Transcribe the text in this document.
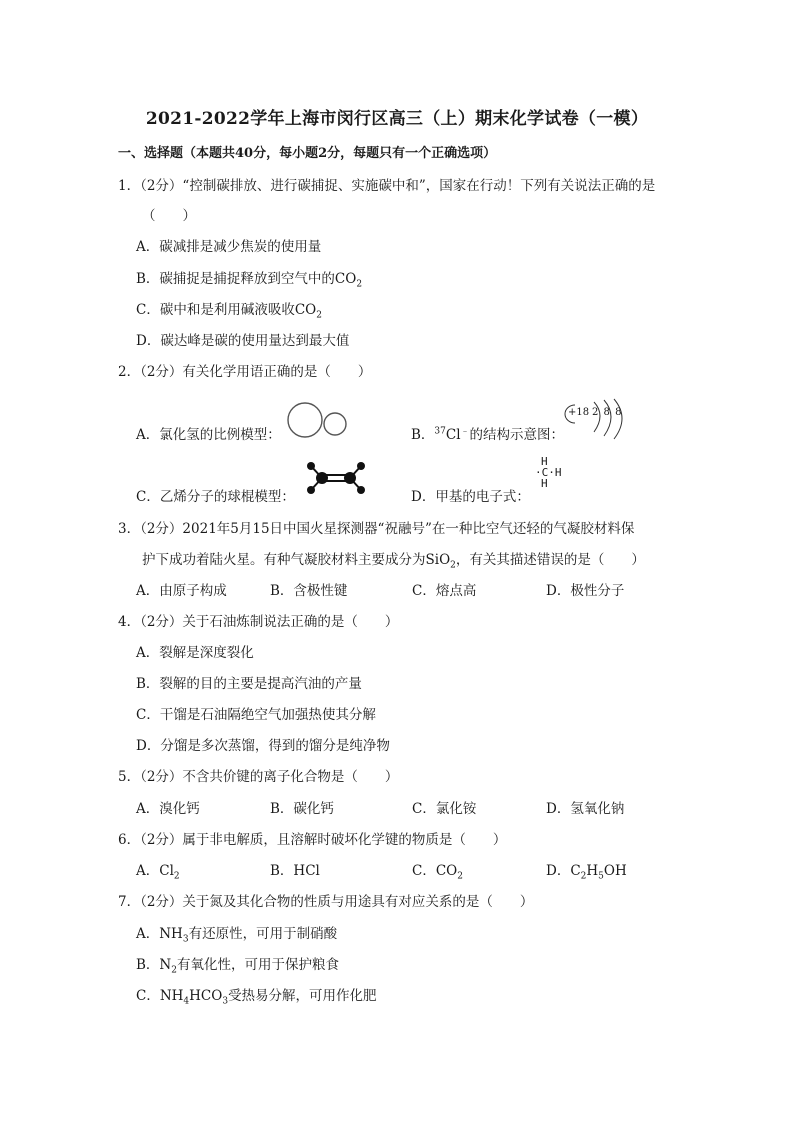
2021-2022学年上海市闵行区高三（上）期末化学试卷（一模）
一、选择题（本题共40分，每小题2分，每题只有一个正确选项）
1．（2分）“控制碳排放、进行碳捕捉、实施碳中和”，国家在行动！下列有关说法正确的是
（　　）
A．碳减排是减少焦炭的使用量
B．碳捕捉是捕捉释放到空气中的$CO_2$
C．碳中和是利用碱液吸收$CO_2$
D．碳达峰是碳的使用量达到最大值
2．（2分）有关化学用语正确的是（　　）
A．氯化氢的比例模型：	B．$^{37}$Cl﹣的结构示意图：
+18 2 8 8
C．乙烯分子的球棍模型：	D．甲基的电子式：
H
·C·H
H
3．（2分）2021年5月15日中国火星探测器“祝融号”在一种比空气还轻的气凝胶材料保
护下成功着陆火星。有种气凝胶材料主要成分为SiO$_2$，有关其描述错误的是（　　）
A．由原子构成	B．含极性键	C．熔点高	D．极性分子
4．（2分）关于石油炼制说法正确的是（　　）
A．裂解是深度裂化
B．裂解的目的主要是提高汽油的产量
C．干馏是石油隔绝空气加强热使其分解
D．分馏是多次蒸馏，得到的馏分是纯净物
5．（2分）不含共价键的离子化合物是（　　）
A．溴化钙	B．碳化钙	C．氯化铵	D．氢氧化钠
6．（2分）属于非电解质，且溶解时破坏化学键的物质是（　　）
A．$Cl_2$	B．HCl	C．$CO_2$	D．$C_2H_5OH$
7．（2分）关于氮及其化合物的性质与用途具有对应关系的是（　　）
A．$NH_3$有还原性，可用于制硝酸
B．$N_2$有氧化性，可用于保护粮食
C．$NH_4HCO_3$受热易分解，可用作化肥
